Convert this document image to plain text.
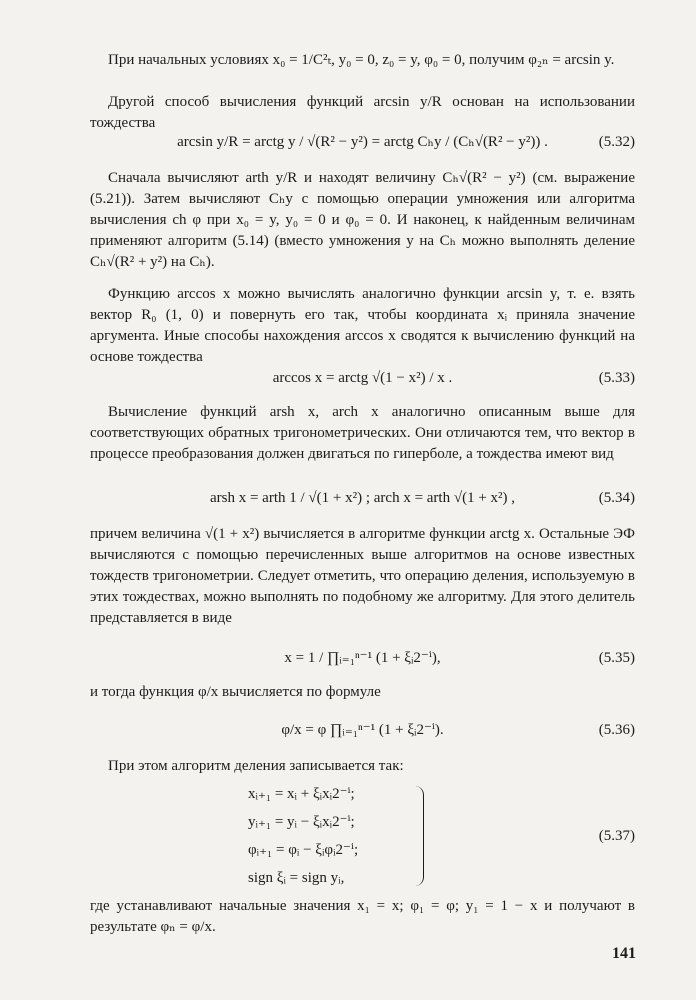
При начальных условиях x₀ = 1/C²ₜ, y₀ = 0, z₀ = y, φ₀ = 0, получим φ₂ₙ = arcsin y.

Другой способ вычисления функций arcsin y/R основан на использовании тождества

arcsin y/R = arctg y / √(R² − y²) = arctg Cₕy / (Cₕ√(R² − y²)) .	(5.32)

Сначала вычисляют arth y/R и находят величину Cₕ√(R² − y²) (см. выражение (5.21)). Затем вычисляют Cₕy с помощью операции умножения или алгоритма вычисления ch φ при x₀ = y, y₀ = 0 и φ₀ = 0. И наконец, к найденным величинам применяют алгоритм (5.14) (вместо умножения y на Cₕ можно выполнять деление Cₕ√(R² + y²) на Cₕ).

Функцию arccos x можно вычислять аналогично функции arcsin y, т. е. взять вектор R₀ (1, 0) и повернуть его так, чтобы координата xᵢ приняла значение аргумента. Иные способы нахождения arccos x сводятся к вычислению функций на основе тождества

arccos x = arctg √(1 − x²) / x .	(5.33)

Вычисление функций arsh x, arch x аналогично описанным выше для соответствующих обратных тригонометрических. Они отличаются тем, что вектор в процессе преобразования должен двигаться по гиперболе, а тождества имеют вид

arsh x = arth 1 / √(1 + x²) ; arch x = arth √(1 + x²) ,	(5.34)

причем величина √(1 + x²) вычисляется в алгоритме функции arctg x. Остальные ЭФ вычисляются с помощью перечисленных выше алгоритмов на основе известных тождеств тригонометрии. Следует отметить, что операцию деления, используемую в этих тождествах, можно выполнять по подобному же алгоритму. Для этого делитель представляется в виде

x = 1 / ∏ᵢ₌₁ⁿ⁻¹ (1 + ξᵢ2⁻ⁱ),	(5.35)

и тогда функция φ/x вычисляется по формуле

φ/x = φ ∏ᵢ₌₁ⁿ⁻¹ (1 + ξᵢ2⁻ⁱ).	(5.36)

При этом алгоритм деления записывается так:

xᵢ₊₁ = xᵢ + ξᵢxᵢ2⁻ⁱ;
yᵢ₊₁ = yᵢ − ξᵢxᵢ2⁻ⁱ;
φᵢ₊₁ = φᵢ − ξᵢφᵢ2⁻ⁱ;
sign ξᵢ = sign yᵢ,
(5.37)

где устанавливают начальные значения x₁ = x; φ₁ = φ; y₁ = 1 − x и получают в результате φₙ = φ/x.

141
